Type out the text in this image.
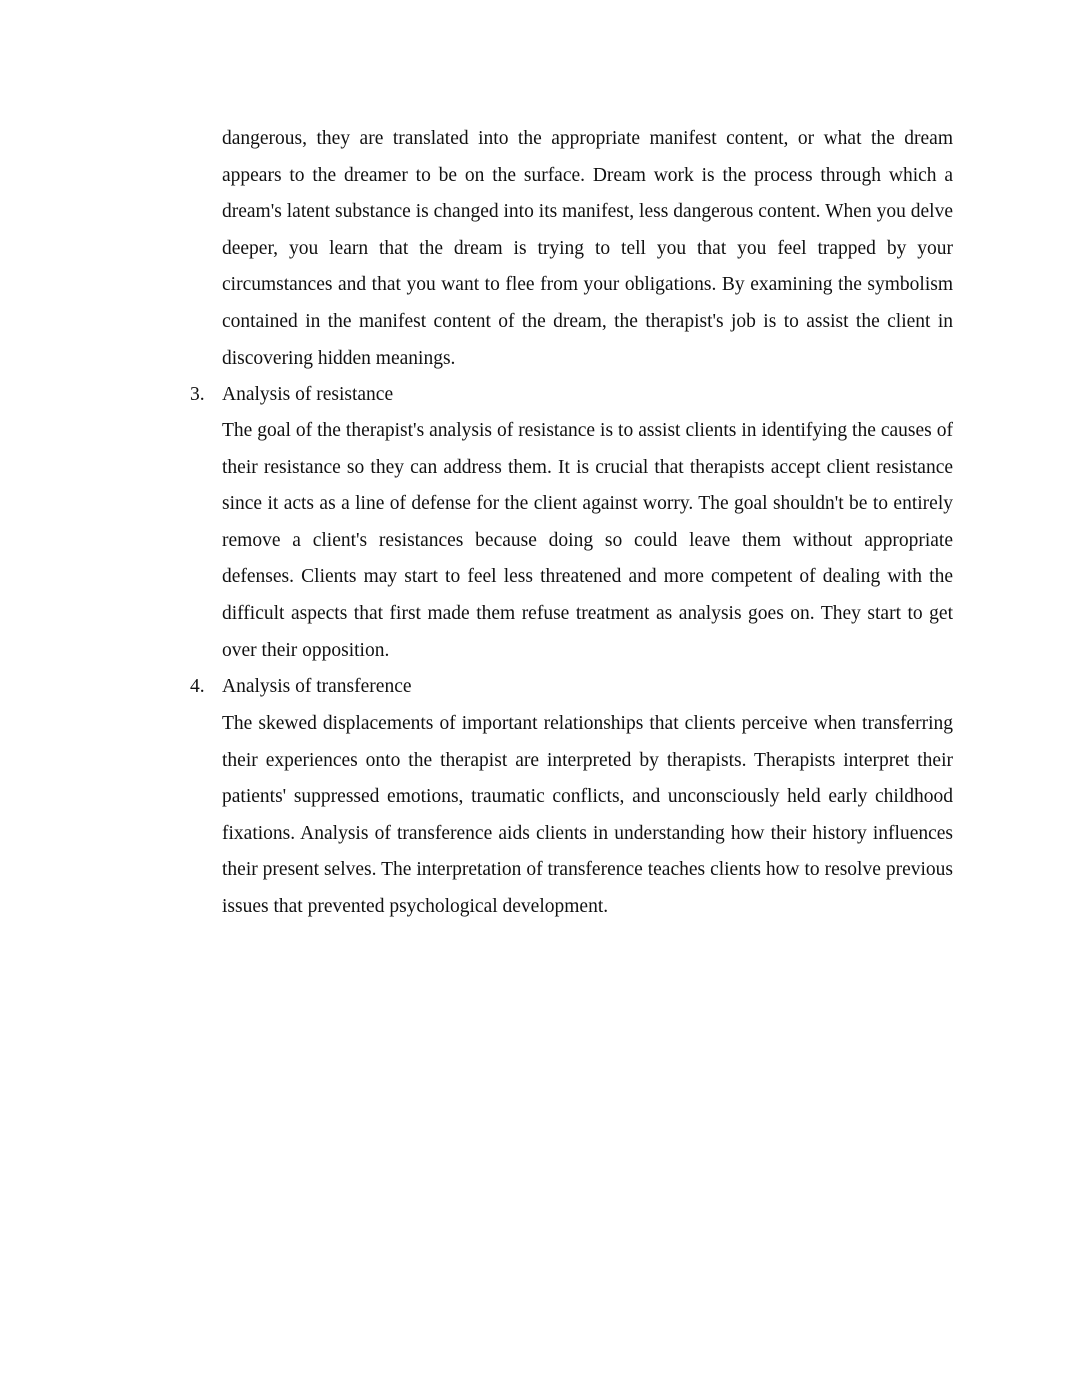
dangerous, they are translated into the appropriate manifest content, or what the dream appears to the dreamer to be on the surface. Dream work is the process through which a dream's latent substance is changed into its manifest, less dangerous content. When you delve deeper, you learn that the dream is trying to tell you that you feel trapped by your circumstances and that you want to flee from your obligations. By examining the symbolism contained in the manifest content of the dream, the therapist's job is to assist the client in discovering hidden meanings.

3. Analysis of resistance

The goal of the therapist's analysis of resistance is to assist clients in identifying the causes of their resistance so they can address them. It is crucial that therapists accept client resistance since it acts as a line of defense for the client against worry. The goal shouldn't be to entirely remove a client's resistances because doing so could leave them without appropriate defenses. Clients may start to feel less threatened and more competent of dealing with the difficult aspects that first made them refuse treatment as analysis goes on. They start to get over their opposition.

4. Analysis of transference

The skewed displacements of important relationships that clients perceive when transferring their experiences onto the therapist are interpreted by therapists. Therapists interpret their patients' suppressed emotions, traumatic conflicts, and unconsciously held early childhood fixations. Analysis of transference aids clients in understanding how their history influences their present selves. The interpretation of transference teaches clients how to resolve previous issues that prevented psychological development.
